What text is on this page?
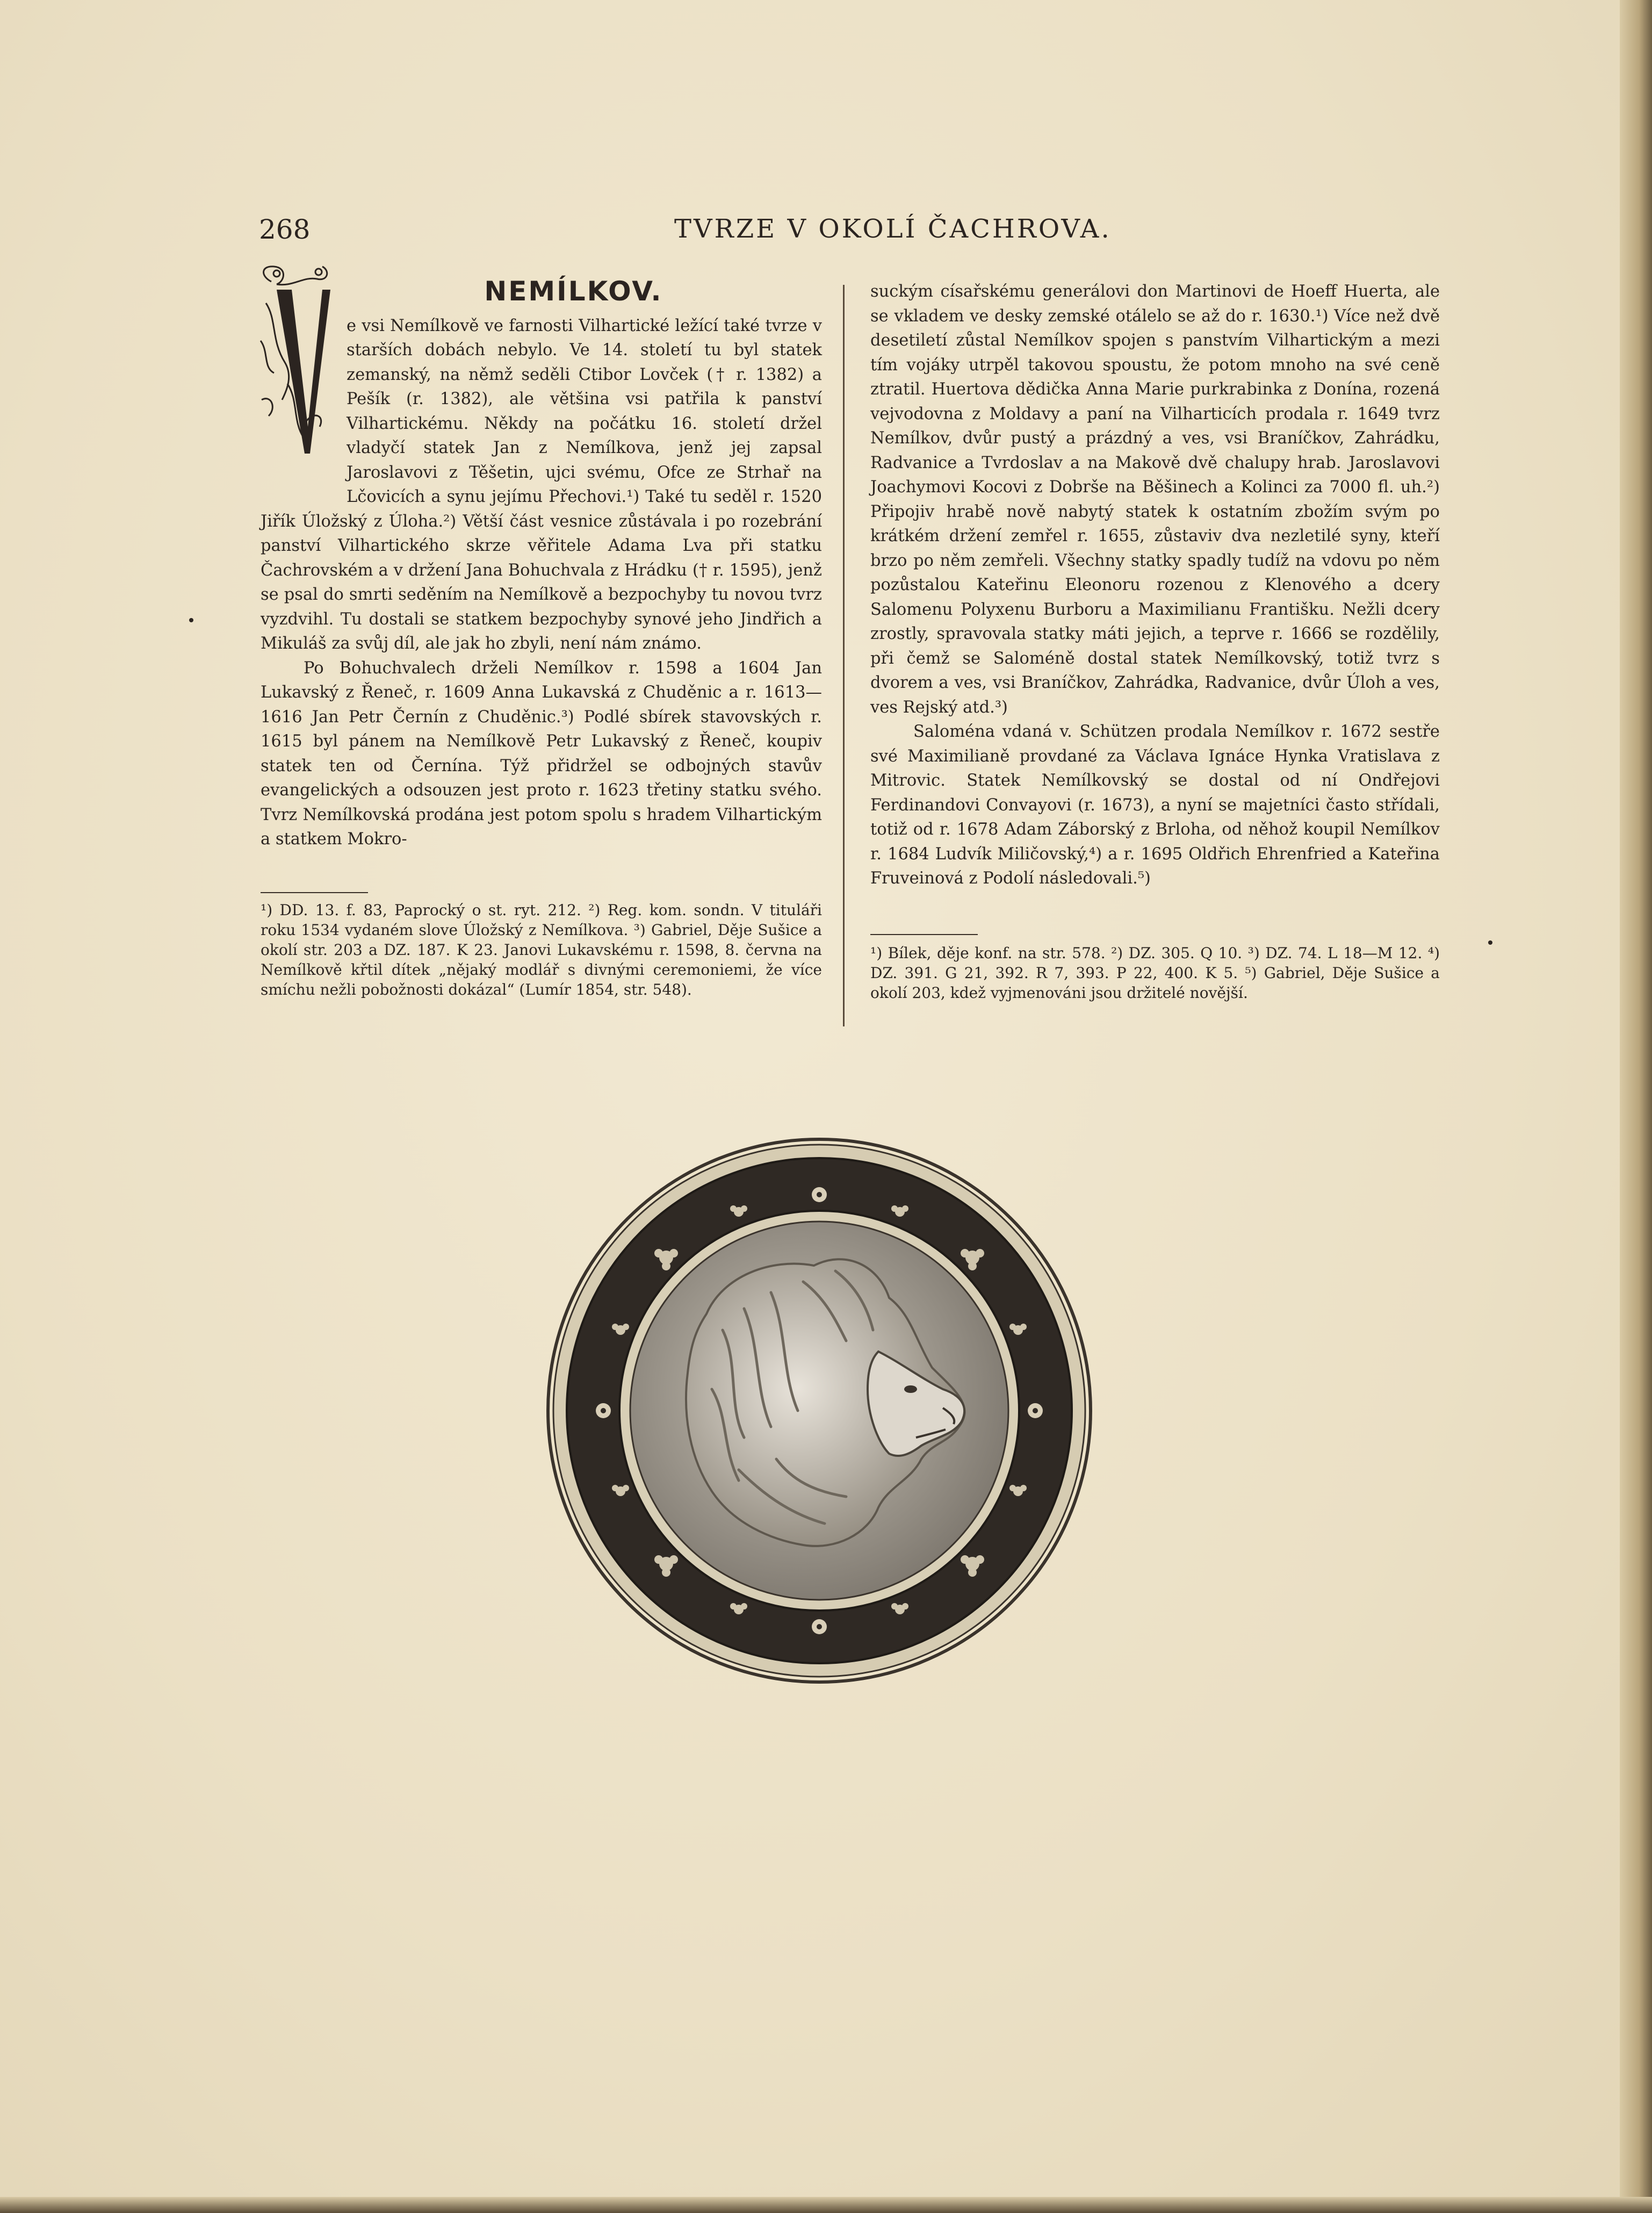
268	TVRZE V OKOLÍ ČACHROVA.
NEMÍLKOV.

e vsi Nemílkově ve farnosti Vilhartické ležící také tvrze v starších dobách nebylo. Ve 14. století tu byl statek zemanský, na němž seděli Ctibor Lovček († r. 1382) a Pešík (r. 1382), ale většina vsi patřila k panství Vilhartickému. Někdy na počátku 16. století držel vladyčí statek Jan z Nemílkova, jenž jej zapsal Jaroslavovi z Těšetin, ujci svému, Ofce ze Strhař na Lčovicích a synu jejímu Přechovi.¹) Také tu seděl r. 1520 Jiřík Úložský z Úloha.²) Větší část vesnice zůstávala i po rozebrání panství Vilhartického skrze věřitele Adama Lva při statku Čachrovském a v držení Jana Bohuchvala z Hrádku († r. 1595), jenž se psal do smrti seděním na Nemílkově a bezpochyby tu novou tvrz vyzdvihl. Tu dostali se statkem bezpochyby synové jeho Jindřich a Mikuláš za svůj díl, ale jak ho zbyli, není nám známo.

Po Bohuchvalech drželi Nemílkov r. 1598 a 1604 Jan Lukavský z Řeneč, r. 1609 Anna Lukavská z Chuděnic a r. 1613—1616 Jan Petr Černín z Chuděnic.³) Podlé sbírek stavovských r. 1615 byl pánem na Nemílkově Petr Lukavský z Řeneč, koupiv statek ten od Černína. Týž přidržel se odbojných stavův evangelických a odsouzen jest proto r. 1623 třetiny statku svého. Tvrz Nemílkovská prodána jest potom spolu s hradem Vilhartickým a statkem Mokro-

suckým císařskému generálovi don Martinovi de Hoeff Huerta, ale se vkladem ve desky zemské otálelo se až do r. 1630.¹) Více než dvě desetiletí zůstal Nemílkov spojen s panstvím Vilhartickým a mezi tím vojáky utrpěl takovou spoustu, že potom mnoho na své ceně ztratil. Huertova dědička Anna Marie purkrabinka z Donína, rozená vejvodovna z Moldavy a paní na Vilharticích prodala r. 1649 tvrz Nemílkov, dvůr pustý a prázdný a ves, vsi Braníčkov, Zahrádku, Radvanice a Tvrdoslav a na Makově dvě chalupy hrab. Jaroslavovi Joachymovi Kocovi z Dobrše na Běšinech a Kolinci za 7000 fl. uh.²) Připojiv hrabě nově nabytý statek k ostatním zbožím svým po krátkém držení zemřel r. 1655, zůstaviv dva nezletilé syny, kteří brzo po něm zemřeli. Všechny statky spadly tudíž na vdovu po něm pozůstalou Kateřinu Eleonoru rozenou z Klenového a dcery Salomenu Polyxenu Burboru a Maximilianu Františku. Nežli dcery zrostly, spravovala statky máti jejich, a teprve r. 1666 se rozdělily, při čemž se Saloméně dostal statek Nemílkovský, totiž tvrz s dvorem a ves, vsi Braníčkov, Zahrádka, Radvanice, dvůr Úloh a ves, ves Rejský atd.³)

Saloména vdaná v. Schützen prodala Nemílkov r. 1672 sestře své Maximilianě provdané za Václava Ignáce Hynka Vratislava z Mitrovic. Statek Nemílkovský se dostal od ní Ondřejovi Ferdinandovi Convayovi (r. 1673), a nyní se majetníci často střídali, totiž od r. 1678 Adam Záborský z Brloha, od něhož koupil Nemílkov r. 1684 Ludvík Miličovský,⁴) a r. 1695 Oldřich Ehrenfried a Kateřina Fruveinová z Podolí následovali.⁵)

¹) DD. 13. f. 83, Paprocký o st. ryt. 212. ²) Reg. kom. sondn. V tituláři roku 1534 vydaném slove Úložský z Nemílkova. ³) Gabriel, Děje Sušice a okolí str. 203 a DZ. 187. K 23. Janovi Lukavskému r. 1598, 8. června na Nemílkově křtil dítek „nějaký modlář s divnými ceremoniemi, že více smíchu nežli pobožnosti dokázal“ (Lumír 1854, str. 548).

¹) Bílek, děje konf. na str. 578. ²) DZ. 305. Q 10. ³) DZ. 74. L 18—M 12. ⁴) DZ. 391. G 21, 392. R 7, 393. P 22, 400. K 5. ⁵) Gabriel, Děje Sušice a okolí 203, kdež vyjmenováni jsou držitelé novější.
